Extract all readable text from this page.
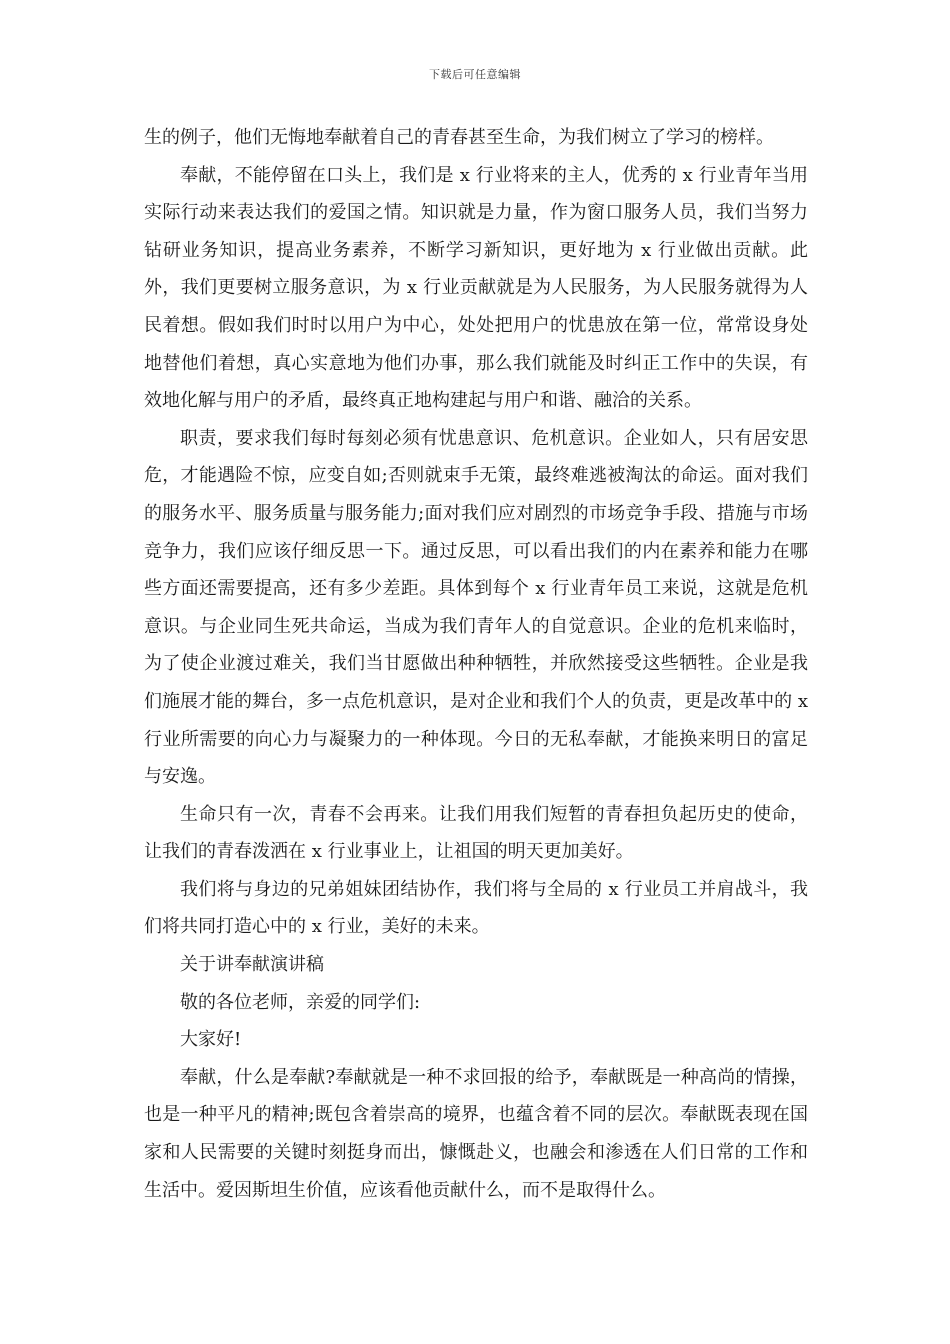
下载后可任意编辑

生的例子，他们无悔地奉献着自己的青春甚至生命，为我们树立了学习的榜样。

奉献，不能停留在口头上，我们是 x 行业将来的主人，优秀的 x 行业青年当用实际行动来表达我们的爱国之情。知识就是力量，作为窗口服务人员，我们当努力钻研业务知识，提高业务素养，不断学习新知识，更好地为 x 行业做出贡献。此外，我们更要树立服务意识，为 x 行业贡献就是为人民服务，为人民服务就得为人民着想。假如我们时时以用户为中心，处处把用户的忧患放在第一位，常常设身处地替他们着想，真心实意地为他们办事，那么我们就能及时纠正工作中的失误，有效地化解与用户的矛盾，最终真正地构建起与用户和谐、融洽的关系。

职责，要求我们每时每刻必须有忧患意识、危机意识。企业如人，只有居安思危，才能遇险不惊，应变自如;否则就束手无策，最终难逃被淘汰的命运。面对我们的服务水平、服务质量与服务能力;面对我们应对剧烈的市场竞争手段、措施与市场竞争力，我们应该仔细反思一下。通过反思，可以看出我们的内在素养和能力在哪些方面还需要提高，还有多少差距。具体到每个 x 行业青年员工来说，这就是危机意识。与企业同生死共命运，当成为我们青年人的自觉意识。企业的危机来临时，为了使企业渡过难关，我们当甘愿做出种种牺牲，并欣然接受这些牺牲。企业是我们施展才能的舞台，多一点危机意识，是对企业和我们个人的负责，更是改革中的 x 行业所需要的向心力与凝聚力的一种体现。今日的无私奉献，才能换来明日的富足与安逸。

生命只有一次，青春不会再来。让我们用我们短暂的青春担负起历史的使命，让我们的青春泼洒在 x 行业事业上，让祖国的明天更加美好。

我们将与身边的兄弟姐妹团结协作，我们将与全局的 x 行业员工并肩战斗，我们将共同打造心中的 x 行业，美好的未来。

关于讲奉献演讲稿

敬的各位老师，亲爱的同学们:

大家好!

奉献，什么是奉献?奉献就是一种不求回报的给予，奉献既是一种高尚的情操，也是一种平凡的精神;既包含着崇高的境界，也蕴含着不同的层次。奉献既表现在国家和人民需要的关键时刻挺身而出，慷慨赴义，也融会和渗透在人们日常的工作和生活中。爱因斯坦生价值，应该看他贡献什么，而不是取得什么。
